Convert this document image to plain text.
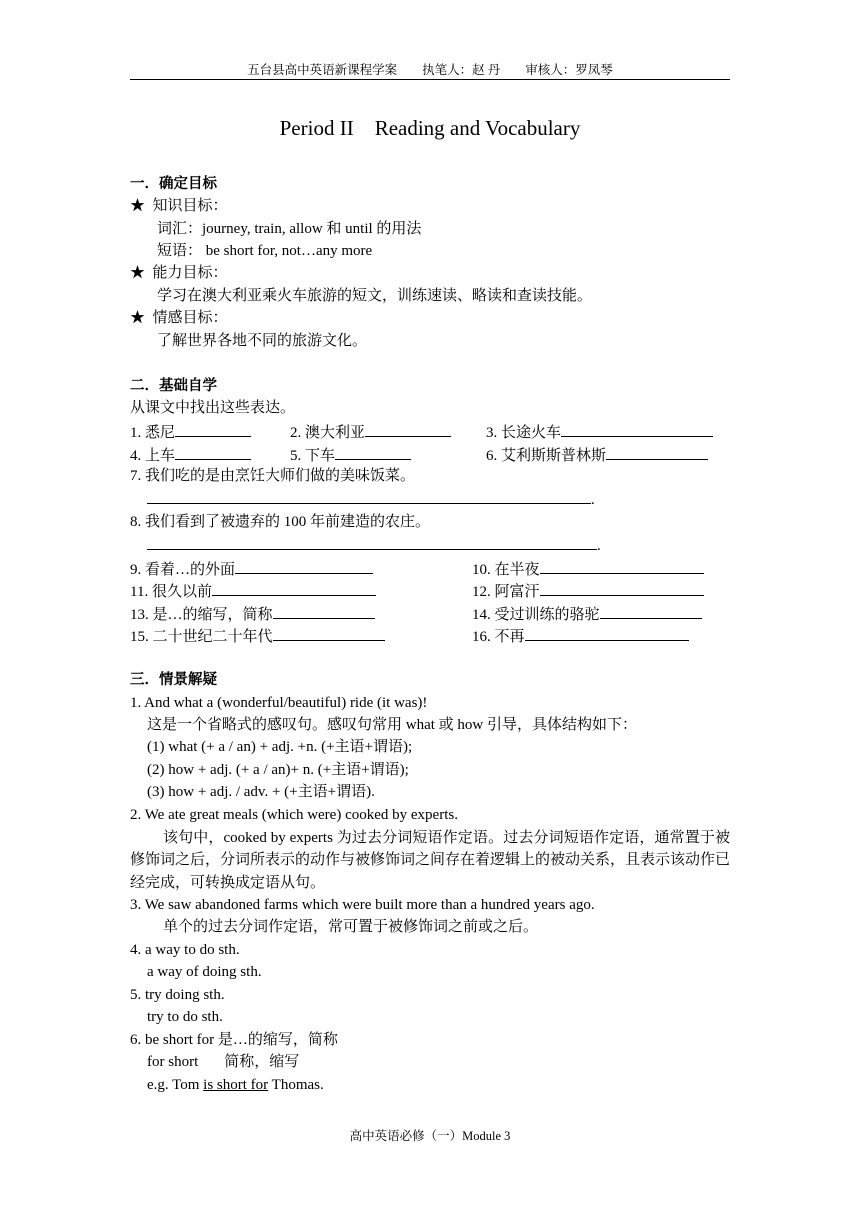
五台县高中英语新课程学案　　执笔人：赵 丹　　审核人：罗凤琴
Period II　Reading and Vocabulary
一．确定目标
★ 知识目标：
词汇：journey, train, allow 和 until 的用法
短语： be short for, not…any more
★ 能力目标：
学习在澳大利亚乘火车旅游的短文，训练速读、略读和查读技能。
★ 情感目标：
了解世界各地不同的旅游文化。
二．基础自学
从课文中找出这些表达。
1. 悉尼	2. 澳大利亚	3. 长途火车
4. 上车	5. 下车	6. 艾利斯斯普林斯
7. 我们吃的是由烹饪大师们做的美味饭菜。
.
8. 我们看到了被遗弃的 100 年前建造的农庄。
.
9. 看着…的外面	10. 在半夜
11. 很久以前	12. 阿富汗
13. 是…的缩写，简称	14. 受过训练的骆驼
15. 二十世纪二十年代	16. 不再
三．情景解疑
1. And what a (wonderful/beautiful) ride (it was)!
这是一个省略式的感叹句。感叹句常用 what 或 how 引导，具体结构如下：
(1) what (+ a / an) + adj. +n. (+主语+谓语);
(2) how + adj. (+ a / an)+ n. (+主语+谓语);
(3) how + adj. / adv. + (+主语+谓语).
2. We ate great meals (which were) cooked by experts.
该句中，cooked by experts 为过去分词短语作定语。过去分词短语作定语，通常置于被修饰词之后，分词所表示的动作与被修饰词之间存在着逻辑上的被动关系，且表示该动作已经完成，可转换成定语从句。
3. We saw abandoned farms which were built more than a hundred years ago.
单个的过去分词作定语，常可置于被修饰词之前或之后。
4. a way to do sth.
a way of doing sth.
5. try doing sth.
try to do sth.
6. be short for 是…的缩写，简称
for short 简称，缩写
e.g. Tom is short for Thomas.
高中英语必修（一）Module 3
